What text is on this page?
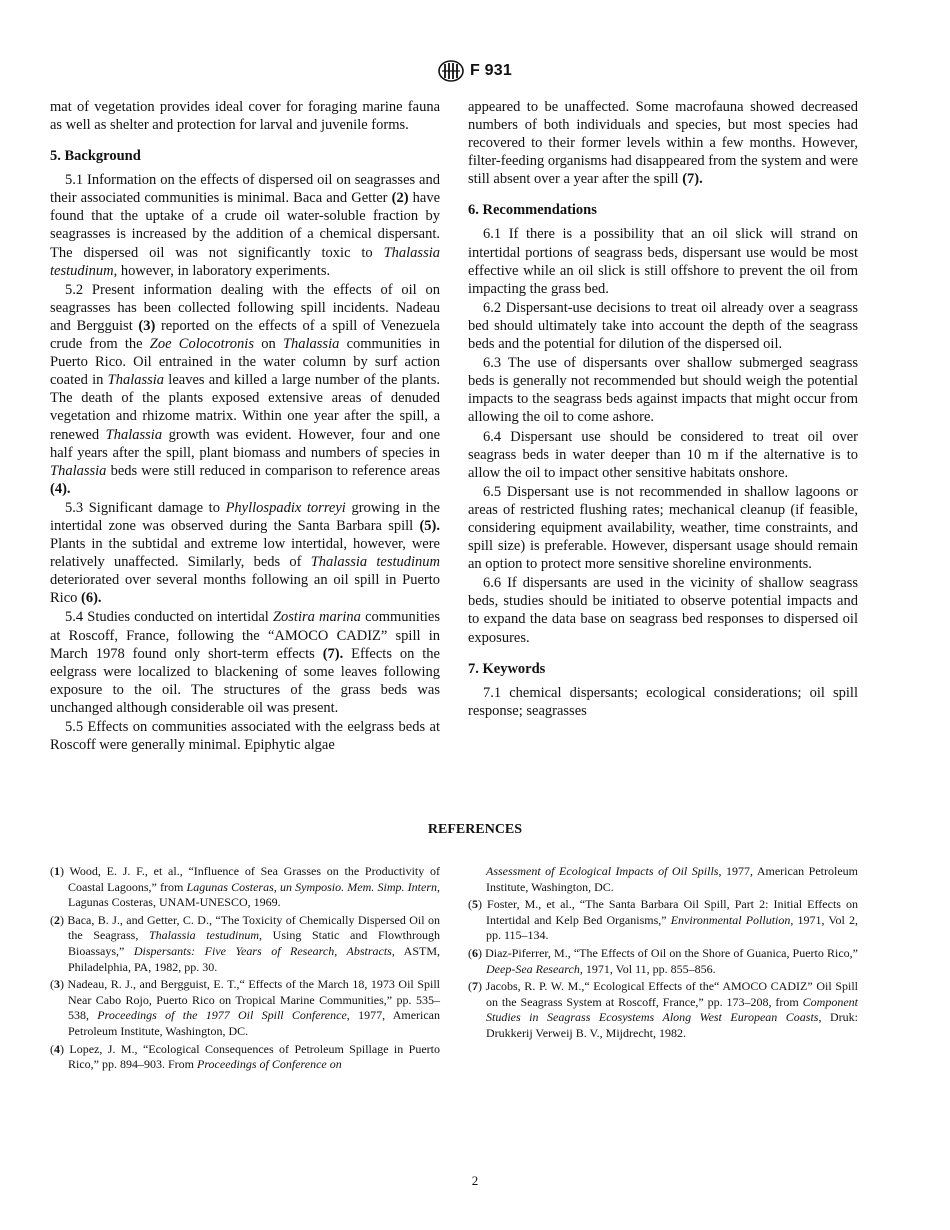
F 931

mat of vegetation provides ideal cover for foraging marine fauna as well as shelter and protection for larval and juvenile forms.

5. Background

5.1 Information on the effects of dispersed oil on seagrasses and their associated communities is minimal. Baca and Getter (2) have found that the uptake of a crude oil water-soluble fraction by seagrasses is increased by the addition of a chemical dispersant. The dispersed oil was not significantly toxic to Thalassia testudinum, however, in laboratory experiments.

5.2 Present information dealing with the effects of oil on seagrasses has been collected following spill incidents. Nadeau and Bergguist (3) reported on the effects of a spill of Venezuela crude from the Zoe Colocotronis on Thalassia communities in Puerto Rico. Oil entrained in the water column by surf action coated in Thalassia leaves and killed a large number of the plants. The death of the plants exposed extensive areas of denuded vegetation and rhizome matrix. Within one year after the spill, a renewed Thalassia growth was evident. However, four and one half years after the spill, plant biomass and numbers of species in Thalassia beds were still reduced in comparison to reference areas (4).

5.3 Significant damage to Phyllospadix torreyi growing in the intertidal zone was observed during the Santa Barbara spill (5). Plants in the subtidal and extreme low intertidal, however, were relatively unaffected. Similarly, beds of Thalassia testudinum deteriorated over several months following an oil spill in Puerto Rico (6).

5.4 Studies conducted on intertidal Zostira marina communities at Roscoff, France, following the “AMOCO CADIZ” spill in March 1978 found only short-term effects (7). Effects on the eelgrass were localized to blackening of some leaves following exposure to the oil. The structures of the grass beds was unchanged although considerable oil was present.

5.5 Effects on communities associated with the eelgrass beds at Roscoff were generally minimal. Epiphytic algae

appeared to be unaffected. Some macrofauna showed decreased numbers of both individuals and species, but most species had recovered to their former levels within a few months. However, filter-feeding organisms had disappeared from the system and were still absent over a year after the spill (7).

6. Recommendations

6.1 If there is a possibility that an oil slick will strand on intertidal portions of seagrass beds, dispersant use would be most effective while an oil slick is still offshore to prevent the oil from impacting the grass bed.

6.2 Dispersant-use decisions to treat oil already over a seagrass bed should ultimately take into account the depth of the seagrass beds and the potential for dilution of the dispersed oil.

6.3 The use of dispersants over shallow submerged seagrass beds is generally not recommended but should weigh the potential impacts to the seagrass beds against impacts that might occur from allowing the oil to come ashore.

6.4 Dispersant use should be considered to treat oil over seagrass beds in water deeper than 10 m if the alternative is to allow the oil to impact other sensitive habitats onshore.

6.5 Dispersant use is not recommended in shallow lagoons or areas of restricted flushing rates; mechanical cleanup (if feasible, considering equipment availability, weather, time constraints, and spill size) is preferable. However, dispersant usage should remain an option to protect more sensitive shoreline environments.

6.6 If dispersants are used in the vicinity of shallow seagrass beds, studies should be initiated to observe potential impacts and to expand the data base on seagrass bed responses to dispersed oil exposures.

7. Keywords

7.1 chemical dispersants; ecological considerations; oil spill response; seagrasses

REFERENCES
(1) Wood, E. J. F., et al., “Influence of Sea Grasses on the Productivity of Coastal Lagoons,” from Lagunas Costeras, un Symposio. Mem. Simp. Intern, Lagunas Costeras, UNAM-UNESCO, 1969.
(2) Baca, B. J., and Getter, C. D., “The Toxicity of Chemically Dispersed Oil on the Seagrass, Thalassia testudinum, Using Static and Flowthrough Bioassays,” Dispersants: Five Years of Research, Abstracts, ASTM, Philadelphia, PA, 1982, pp. 30.
(3) Nadeau, R. J., and Bergguist, E. T.,“ Effects of the March 18, 1973 Oil Spill Near Cabo Rojo, Puerto Rico on Tropical Marine Communities,” pp. 535–538, Proceedings of the 1977 Oil Spill Conference, 1977, American Petroleum Institute, Washington, DC.
(4) Lopez, J. M., “Ecological Consequences of Petroleum Spillage in Puerto Rico,” pp. 894–903. From Proceedings of Conference on
Assessment of Ecological Impacts of Oil Spills, 1977, American Petroleum Institute, Washington, DC.
(5) Foster, M., et al., “The Santa Barbara Oil Spill, Part 2: Initial Effects on Intertidal and Kelp Bed Organisms,” Environmental Pollution, 1971, Vol 2, pp. 115–134.
(6) Diaz-Piferrer, M., “The Effects of Oil on the Shore of Guanica, Puerto Rico,” Deep-Sea Research, 1971, Vol 11, pp. 855–856.
(7) Jacobs, R. P. W. M.,“ Ecological Effects of the“ AMOCO CADIZ” Oil Spill on the Seagrass System at Roscoff, France,” pp. 173–208, from Component Studies in Seagrass Ecosystems Along West European Coasts, Druk: Drukkerij Verweij B. V., Mijdrecht, 1982.
2
